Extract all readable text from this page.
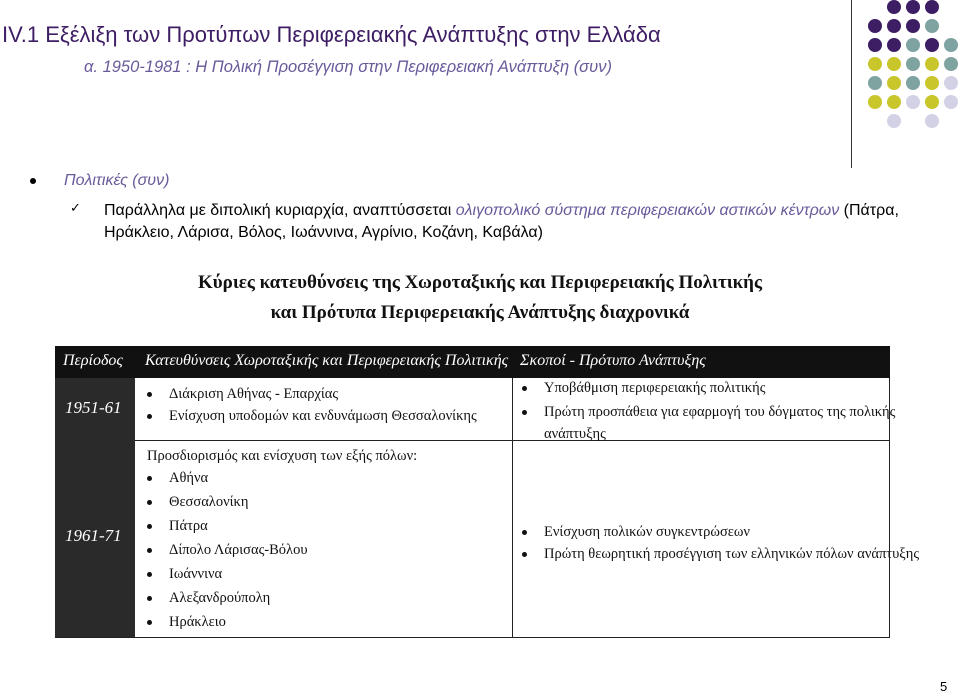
IV.1 Εξέλιξη των Προτύπων Περιφερειακής Ανάπτυξης στην Ελλάδα
α. 1950-1981 : Η Πολική Προσέγγιση στην Περιφερειακή Ανάπτυξη (συν)
Πολιτικές (συν)
✓ Παράλληλα με διπολική κυριαρχία, αναπτύσσεται ολιγοπολικό σύστημα περιφερειακών αστικών κέντρων (Πάτρα, Ηράκλειο, Λάρισα, Βόλος, Ιωάννινα, Αγρίνιο, Κοζάνη, Καβάλα)
Κύριες κατευθύνσεις της Χωροταξικής και Περιφερειακής Πολιτικής
και Πρότυπα Περιφερειακής Ανάπτυξης διαχρονικά
Περίοδος Κατευθύνσεις Χωροταξικής και Περιφερειακής Πολιτικής Σκοποί - Πρότυπο Ανάπτυξης
1951-61
1961-71
Διάκριση Αθήνας - Επαρχίας
Ενίσχυση υποδομών και ενδυνάμωση Θεσσαλονίκης
Υποβάθμιση περιφερειακής πολιτικής
Πρώτη προσπάθεια για εφαρμογή του δόγματος της πολικής
ανάπτυξης
Προσδιορισμός και ενίσχυση των εξής πόλων:
Αθήνα
Θεσσαλονίκη
Πάτρα
Δίπολο Λάρισας-Βόλου
Ιωάννινα
Αλεξανδρούπολη
Ηράκλειο
Ενίσχυση πολικών συγκεντρώσεων
Πρώτη θεωρητική προσέγγιση των ελληνικών πόλων ανάπτυξης
5
